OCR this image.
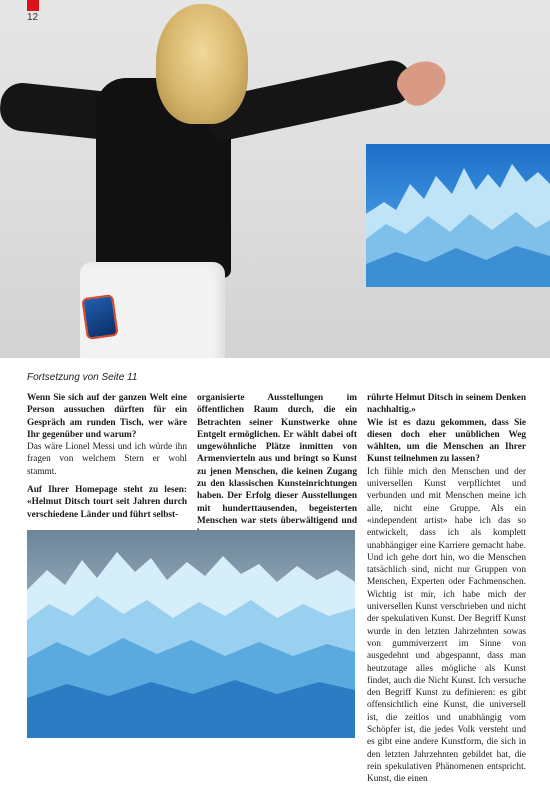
12
Fortsetzung von Seite 11

Wenn Sie sich auf der ganzen Welt eine Person aussuchen dürften für ein Gespräch am runden Tisch, wer wäre Ihr gegenüber und warum?

Das wäre Lionel Messi und ich würde ihn fragen von welchem Stern er wohl stammt.

Auf Ihrer Homepage steht zu lesen: «Helmut Ditsch tourt seit Jahren durch verschiedene Länder und führt selbst-

organisierte Ausstellungen im öffentlichen Raum durch, die ein Betrachten seiner Kunstwerke ohne Entgelt ermöglichen. Er wählt dabei oft ungewöhnliche Plätze inmitten von Armenvierteln aus und bringt so Kunst zu jenen Menschen, die keinen Zugang zu den klassischen Kunsteinrichtungen haben. Der Erfolg dieser Ausstellungen mit hunderttausenden, begeisterten Menschen war stets überwältigend und

rührte Helmut Ditsch in seinem Denken nachhaltig.»

Wie ist es dazu gekommen, dass Sie diesen doch eher unüblichen Weg wählten, um die Menschen an Ihrer Kunst teilnehmen zu lassen?

Ich fühle mich den Menschen und der universellen Kunst verpflichtet und verbunden und mit Menschen meine ich alle, nicht eine Gruppe. Als ein «independent artist» habe ich das so entwickelt, dass ich als komplett unabhängiger eine Karriere gemacht habe. Und ich gehe dort hin, wo die Menschen tatsächlich sind, nicht nur Gruppen von Menschen, Experten oder Fachmenschen. Wichtig ist mir, ich habe mich der universellen Kunst verschrieben und nicht der spekulativen Kunst. Der Begriff Kunst wurde in den letzten Jahrzehnten sowas von gummiverzerrt im Sinne von ausgedehnt und abgespannt, dass man heutzutage alles mögliche als Kunst findet, auch die Nicht Kunst. Ich versuche den Begriff Kunst zu definieren: es gibt offensichtlich eine Kunst, die universell ist, die zeitlos und unabhängig vom Schöpfer ist, die jedes Volk versteht und es gibt eine andere Kunstform, die sich in den letzten Jahrzehnten gebildet hat, die rein spekulativen Phänomenen entspricht. Kunst, die einen
